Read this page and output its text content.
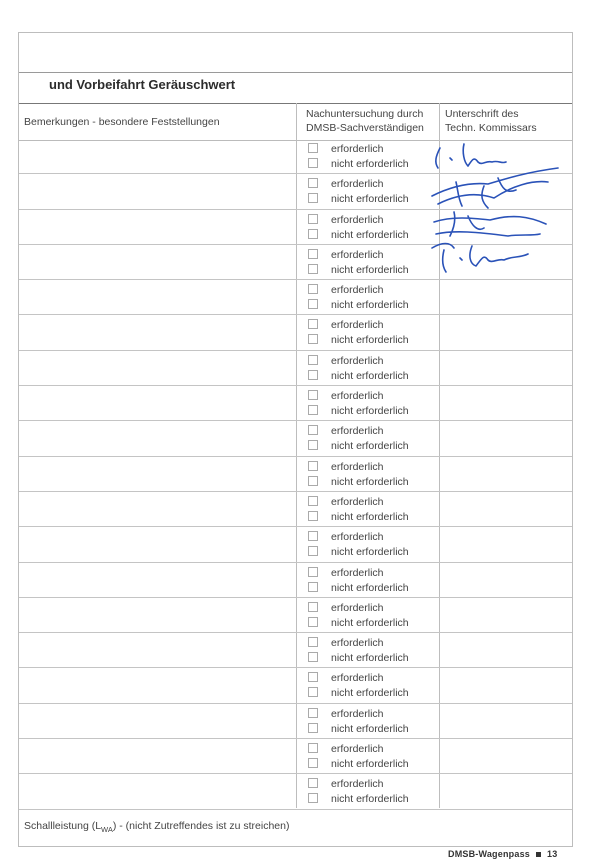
und Vorbeifahrt Geräuschwert
Bemerkungen - besondere Feststellungen
Nachuntersuchung durch
DMSB-Sachverständigen
Unterschrift des
Techn. Kommissars
erforderlich
nicht erforderlich
erforderlich
nicht erforderlich
erforderlich
nicht erforderlich
erforderlich
nicht erforderlich
erforderlich
nicht erforderlich
erforderlich
nicht erforderlich
erforderlich
nicht erforderlich
erforderlich
nicht erforderlich
erforderlich
nicht erforderlich
erforderlich
nicht erforderlich
erforderlich
nicht erforderlich
erforderlich
nicht erforderlich
erforderlich
nicht erforderlich
erforderlich
nicht erforderlich
erforderlich
nicht erforderlich
erforderlich
nicht erforderlich
erforderlich
nicht erforderlich
erforderlich
nicht erforderlich
erforderlich
nicht erforderlich
Schallleistung $(L_{WA})$ - (nicht Zutreffendes ist zu streichen)
DMSB-Wagenpass 13
